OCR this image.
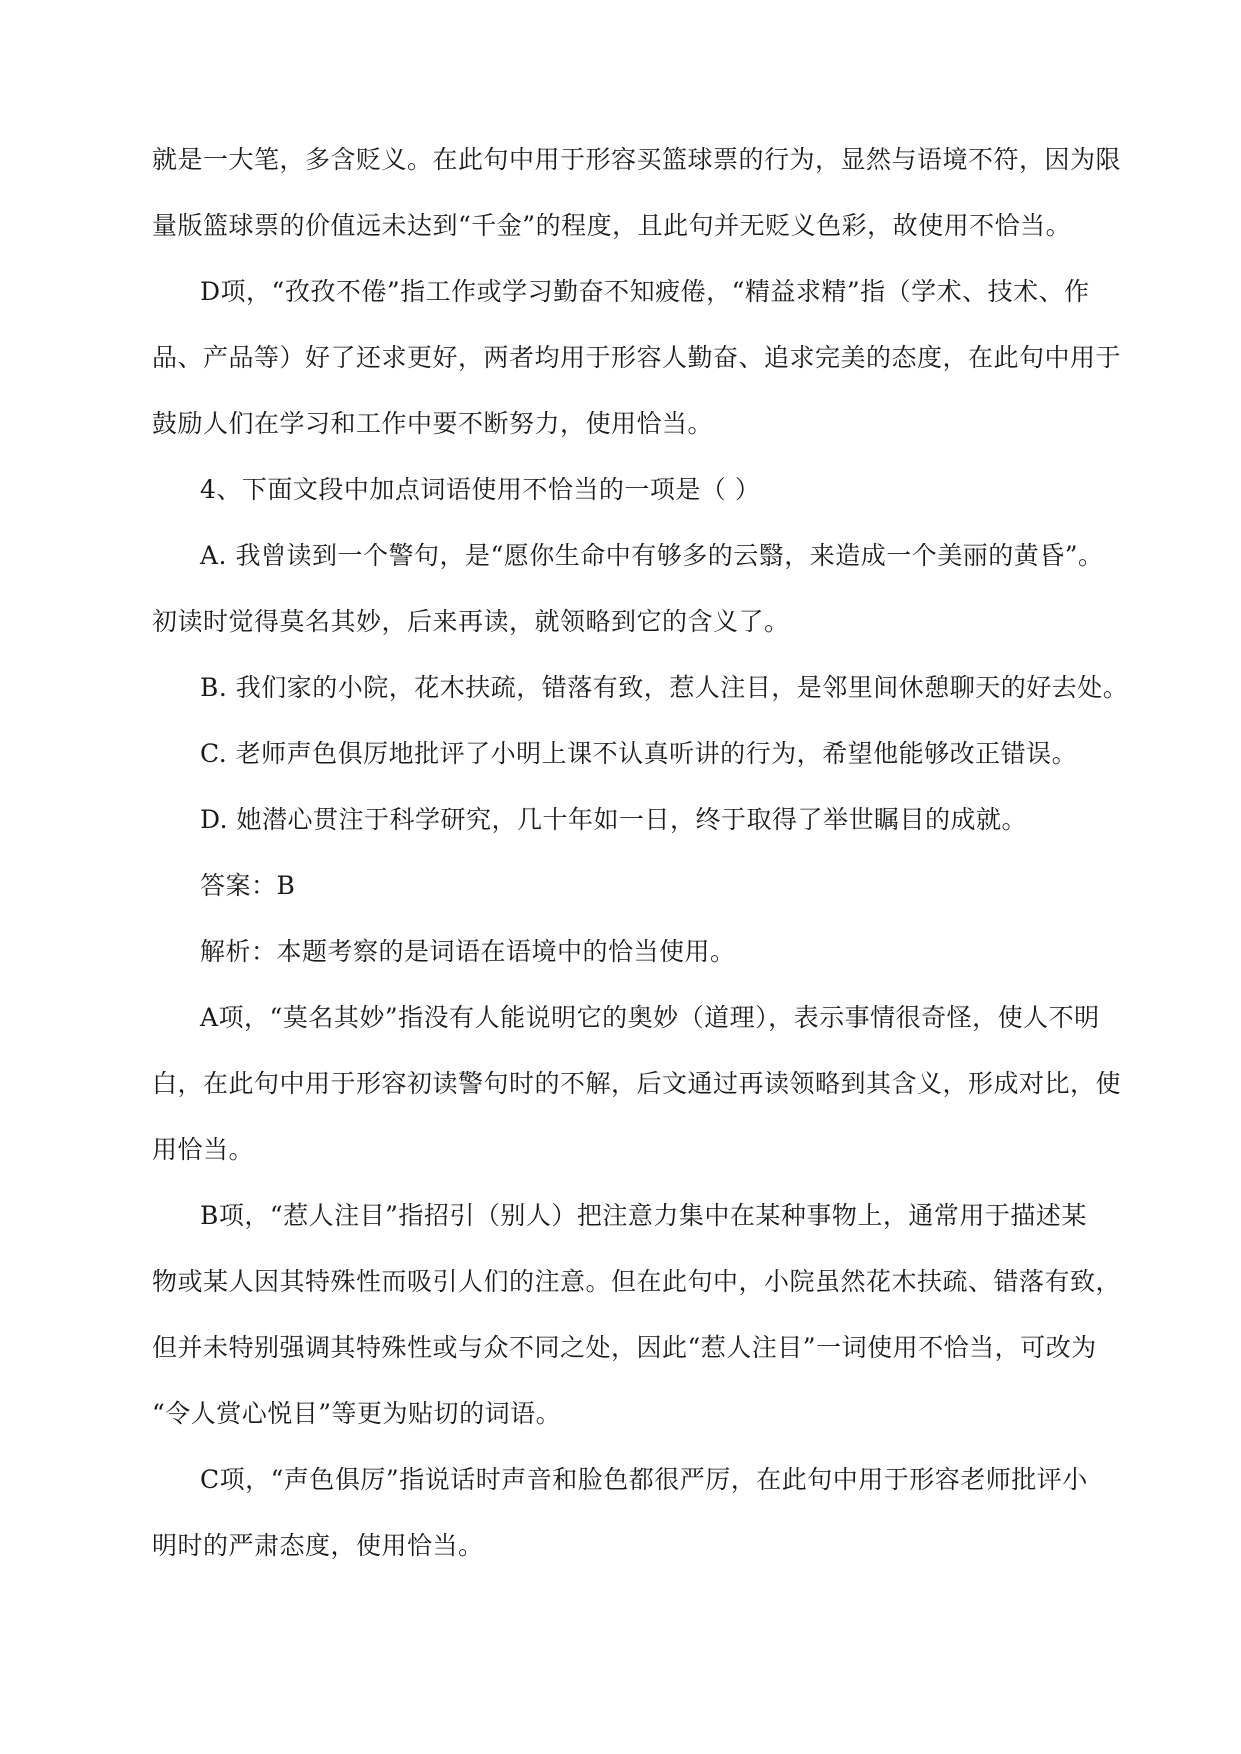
就是一大笔，多含贬义。在此句中用于形容买篮球票的行为，显然与语境不符，因为限
量版篮球票的价值远未达到“千金”的程度，且此句并无贬义色彩，故使用不恰当。
D项，“孜孜不倦”指工作或学习勤奋不知疲倦，“精益求精”指（学术、技术、作
品、产品等）好了还求更好，两者均用于形容人勤奋、追求完美的态度，在此句中用于
鼓励人们在学习和工作中要不断努力，使用恰当。
4、下面文段中加点词语使用不恰当的一项是（ ）
A. 我曾读到一个警句，是“愿你生命中有够多的云翳，来造成一个美丽的黄昏”。
初读时觉得莫名其妙，后来再读，就领略到它的含义了。
B. 我们家的小院，花木扶疏，错落有致，惹人注目，是邻里间休憩聊天的好去处。
C. 老师声色俱厉地批评了小明上课不认真听讲的行为，希望他能够改正错误。
D. 她潜心贯注于科学研究，几十年如一日，终于取得了举世瞩目的成就。
答案：B
解析：本题考察的是词语在语境中的恰当使用。
A项，“莫名其妙”指没有人能说明它的奥妙（道理），表示事情很奇怪，使人不明
白，在此句中用于形容初读警句时的不解，后文通过再读领略到其含义，形成对比，使
用恰当。
B项，“惹人注目”指招引（别人）把注意力集中在某种事物上，通常用于描述某
物或某人因其特殊性而吸引人们的注意。但在此句中，小院虽然花木扶疏、错落有致，
但并未特别强调其特殊性或与众不同之处，因此“惹人注目”一词使用不恰当，可改为
“令人赏心悦目”等更为贴切的词语。
C项，“声色俱厉”指说话时声音和脸色都很严厉，在此句中用于形容老师批评小
明时的严肃态度，使用恰当。
